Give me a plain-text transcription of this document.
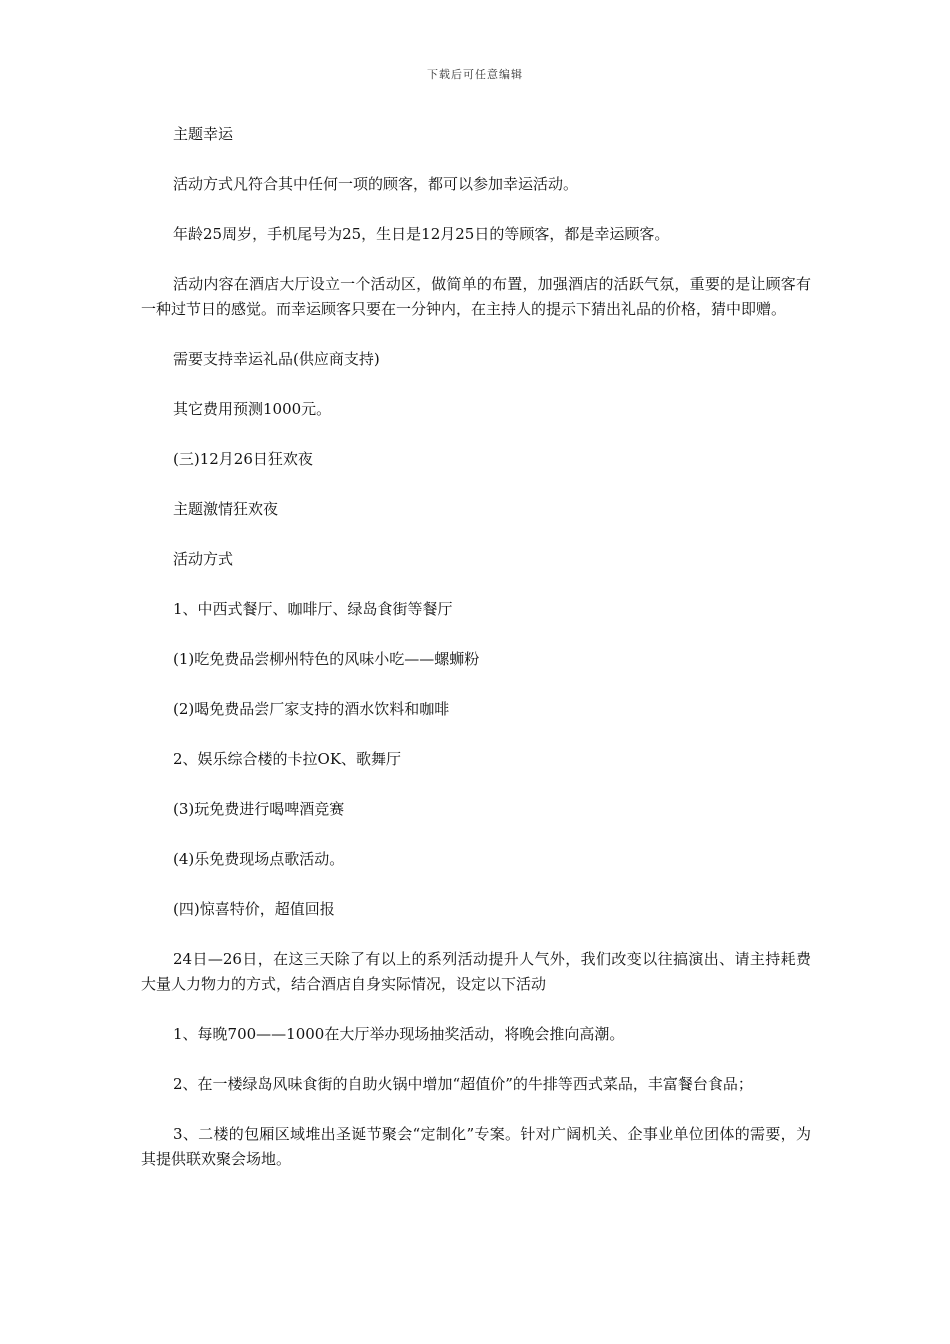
下载后可任意编辑

主题幸运

活动方式凡符合其中任何一项的顾客，都可以参加幸运活动。

年龄25周岁，手机尾号为25，生日是12月25日的等顾客，都是幸运顾客。

活动内容在酒店大厅设立一个活动区，做简单的布置，加强酒店的活跃气氛，重要的是让顾客有一种过节日的感觉。而幸运顾客只要在一分钟内，在主持人的提示下猜出礼品的价格，猜中即赠。

需要支持幸运礼品(供应商支持)

其它费用预测1000元。

(三)12月26日狂欢夜

主题激情狂欢夜

活动方式

1、中西式餐厅、咖啡厅、绿岛食街等餐厅

(1)吃免费品尝柳州特色的风味小吃——螺蛳粉

(2)喝免费品尝厂家支持的酒水饮料和咖啡

2、娱乐综合楼的卡拉OK、歌舞厅

(3)玩免费进行喝啤酒竞赛

(4)乐免费现场点歌活动。

(四)惊喜特价，超值回报

24日—26日，在这三天除了有以上的系列活动提升人气外，我们改变以往搞演出、请主持耗费大量人力物力的方式，结合酒店自身实际情况，设定以下活动

1、每晚700——1000在大厅举办现场抽奖活动，将晚会推向高潮。

2、在一楼绿岛风味食街的自助火锅中增加“超值价”的牛排等西式菜品，丰富餐台食品；

3、二楼的包厢区域堆出圣诞节聚会“定制化”专案。针对广阔机关、企事业单位团体的需要，为其提供联欢聚会场地。
